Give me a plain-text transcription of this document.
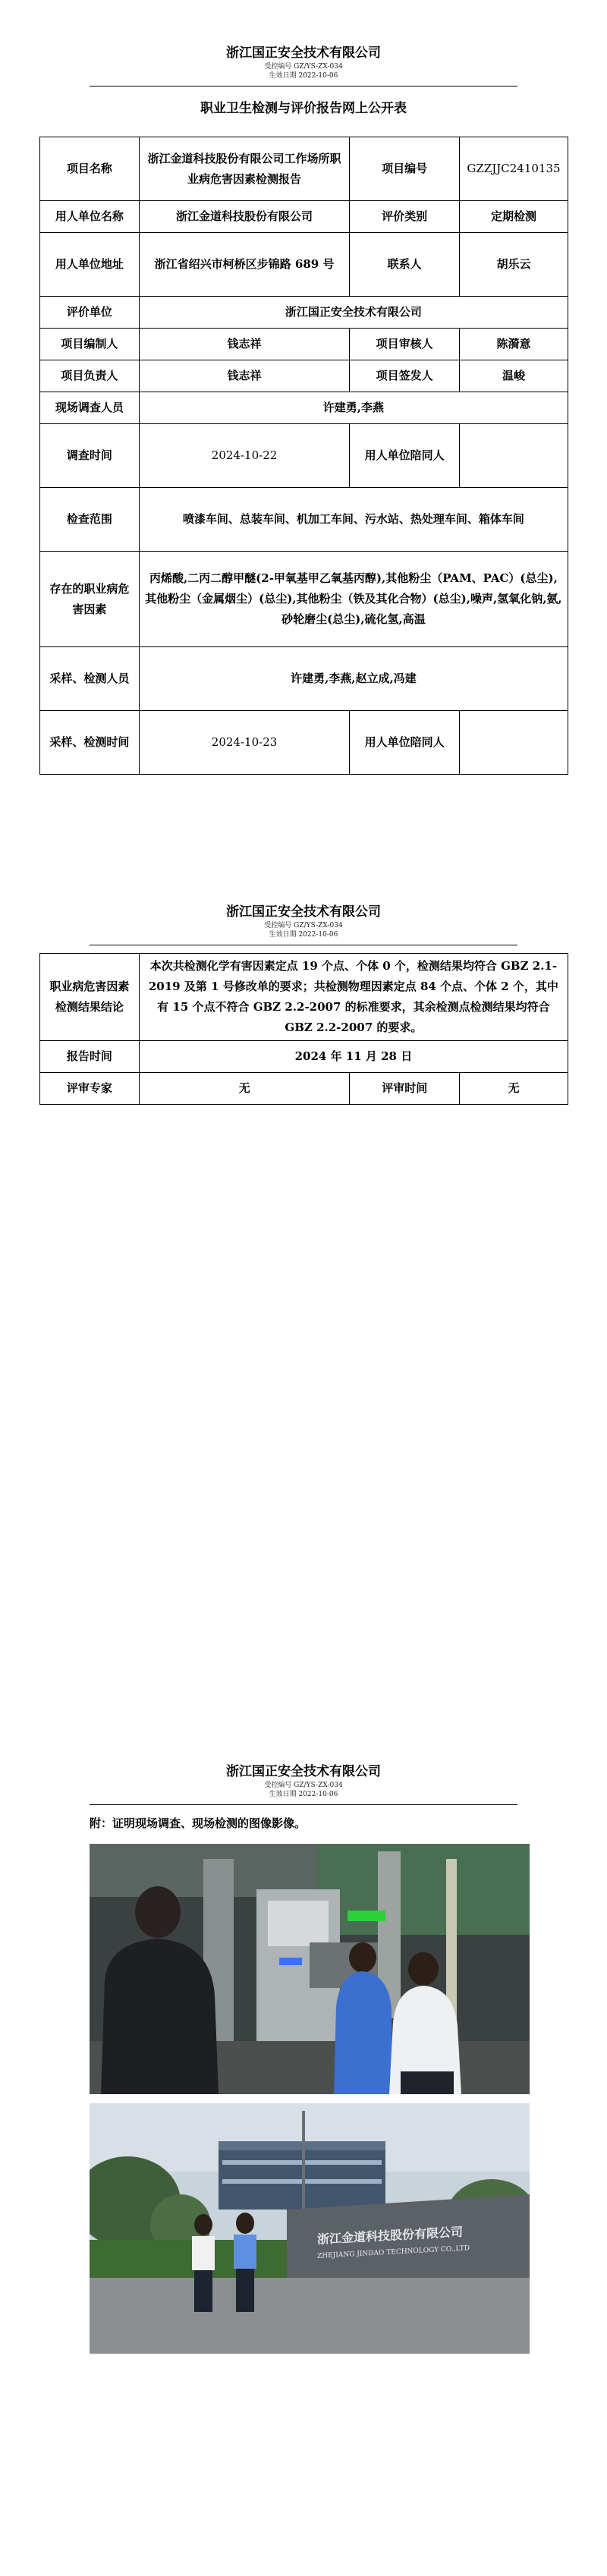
浙江国正安全技术有限公司
受控编号 GZ/YS-ZX-034
生效日期 2022-10-06
职业卫生检测与评价报告网上公开表
项目名称	浙江金道科技股份有限公司工作场所职业病危害因素检测报告	项目编号	GZZJJC2410135
用人单位名称	浙江金道科技股份有限公司	评价类别	定期检测
用人单位地址	浙江省绍兴市柯桥区步锦路 689 号	联系人	胡乐云
评价单位	浙江国正安全技术有限公司		
项目编制人	钱志祥	项目审核人	陈漪意
项目负责人	钱志祥	项目签发人	温峻
现场调查人员	许建勇,李燕		
调查时间	2024-10-22	用人单位陪同人	
检查范围	喷漆车间、总装车间、机加工车间、污水站、热处理车间、箱体车间		
存在的职业病危害因素	丙烯酸,二丙二醇甲醚(2-甲氧基甲乙氧基丙醇),其他粉尘（PAM、PAC）(总尘),其他粉尘（金属烟尘）(总尘),其他粉尘（铁及其化合物）(总尘),噪声,氢氧化钠,氨,砂轮磨尘(总尘),硫化氢,高温		
采样、检测人员	许建勇,李燕,赵立成,冯建		
采样、检测时间	2024-10-23	用人单位陪同人	
浙江国正安全技术有限公司
受控编号 GZ/YS-ZX-034
生效日期 2022-10-06
职业病危害因素检测结果结论	本次共检测化学有害因素定点 19 个点、个体 0 个，检测结果均符合 GBZ 2.1-2019 及第 1 号修改单的要求；共检测物理因素定点 84 个点、个体 2 个，其中有 15 个点不符合 GBZ 2.2-2007 的标准要求，其余检测点检测结果均符合 GBZ 2.2-2007 的要求。		
报告时间	2024 年 11 月 28 日		
评审专家	无	评审时间	无
浙江国正安全技术有限公司
受控编号 GZ/YS-ZX-034
生效日期 2022-10-06
附：证明现场调查、现场检测的图像影像。
浙江金道科技股份有限公司
ZHEJIANG JINDAO TECHNOLOGY CO.,LTD
